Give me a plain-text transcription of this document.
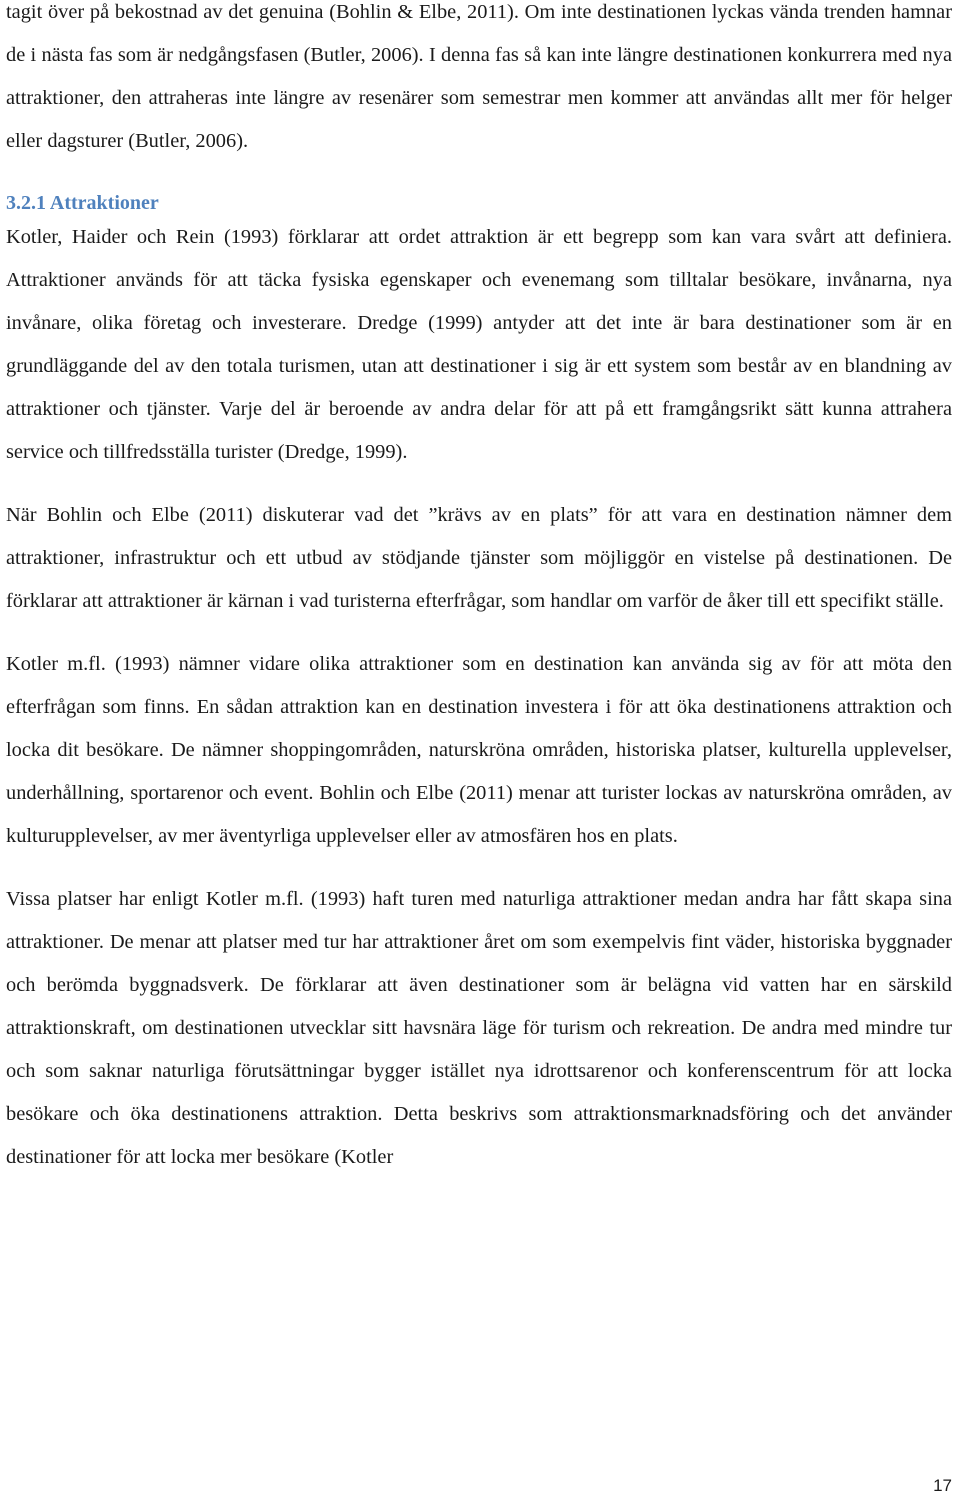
tagit över på bekostnad av det genuina (Bohlin & Elbe, 2011). Om inte destinationen lyckas vända trenden hamnar de i nästa fas som är nedgångsfasen (Butler, 2006). I denna fas så kan inte längre destinationen konkurrera med nya attraktioner, den attraheras inte längre av resenärer som semestrar men kommer att användas allt mer för helger eller dagsturer (Butler, 2006).

3.2.1 Attraktioner

Kotler, Haider och Rein (1993) förklarar att ordet attraktion är ett begrepp som kan vara svårt att definiera. Attraktioner används för att täcka fysiska egenskaper och evenemang som tilltalar besökare, invånarna, nya invånare, olika företag och investerare. Dredge (1999) antyder att det inte är bara destinationer som är en grundläggande del av den totala turismen, utan att destinationer i sig är ett system som består av en blandning av attraktioner och tjänster. Varje del är beroende av andra delar för att på ett framgångsrikt sätt kunna attrahera service och tillfredsställa turister (Dredge, 1999).

När Bohlin och Elbe (2011) diskuterar vad det ”krävs av en plats” för att vara en destination nämner dem attraktioner, infrastruktur och ett utbud av stödjande tjänster som möjliggör en vistelse på destinationen. De förklarar att attraktioner är kärnan i vad turisterna efterfrågar, som handlar om varför de åker till ett specifikt ställe.

Kotler m.fl. (1993) nämner vidare olika attraktioner som en destination kan använda sig av för att möta den efterfrågan som finns. En sådan attraktion kan en destination investera i för att öka destinationens attraktion och locka dit besökare. De nämner shoppingområden, naturskröna områden, historiska platser, kulturella upplevelser, underhållning, sportarenor och event. Bohlin och Elbe (2011) menar att turister lockas av naturskröna områden, av kulturupplevelser, av mer äventyrliga upplevelser eller av atmosfären hos en plats.

Vissa platser har enligt Kotler m.fl. (1993) haft turen med naturliga attraktioner medan andra har fått skapa sina attraktioner. De menar att platser med tur har attraktioner året om som exempelvis fint väder, historiska byggnader och berömda byggnadsverk. De förklarar att även destinationer som är belägna vid vatten har en särskild attraktionskraft, om destinationen utvecklar sitt havsnära läge för turism och rekreation. De andra med mindre tur och som saknar naturliga förutsättningar bygger istället nya idrottsarenor och konferenscentrum för att locka besökare och öka destinationens attraktion. Detta beskrivs som attraktionsmarknadsföring och det använder destinationer för att locka mer besökare (Kotler

17
